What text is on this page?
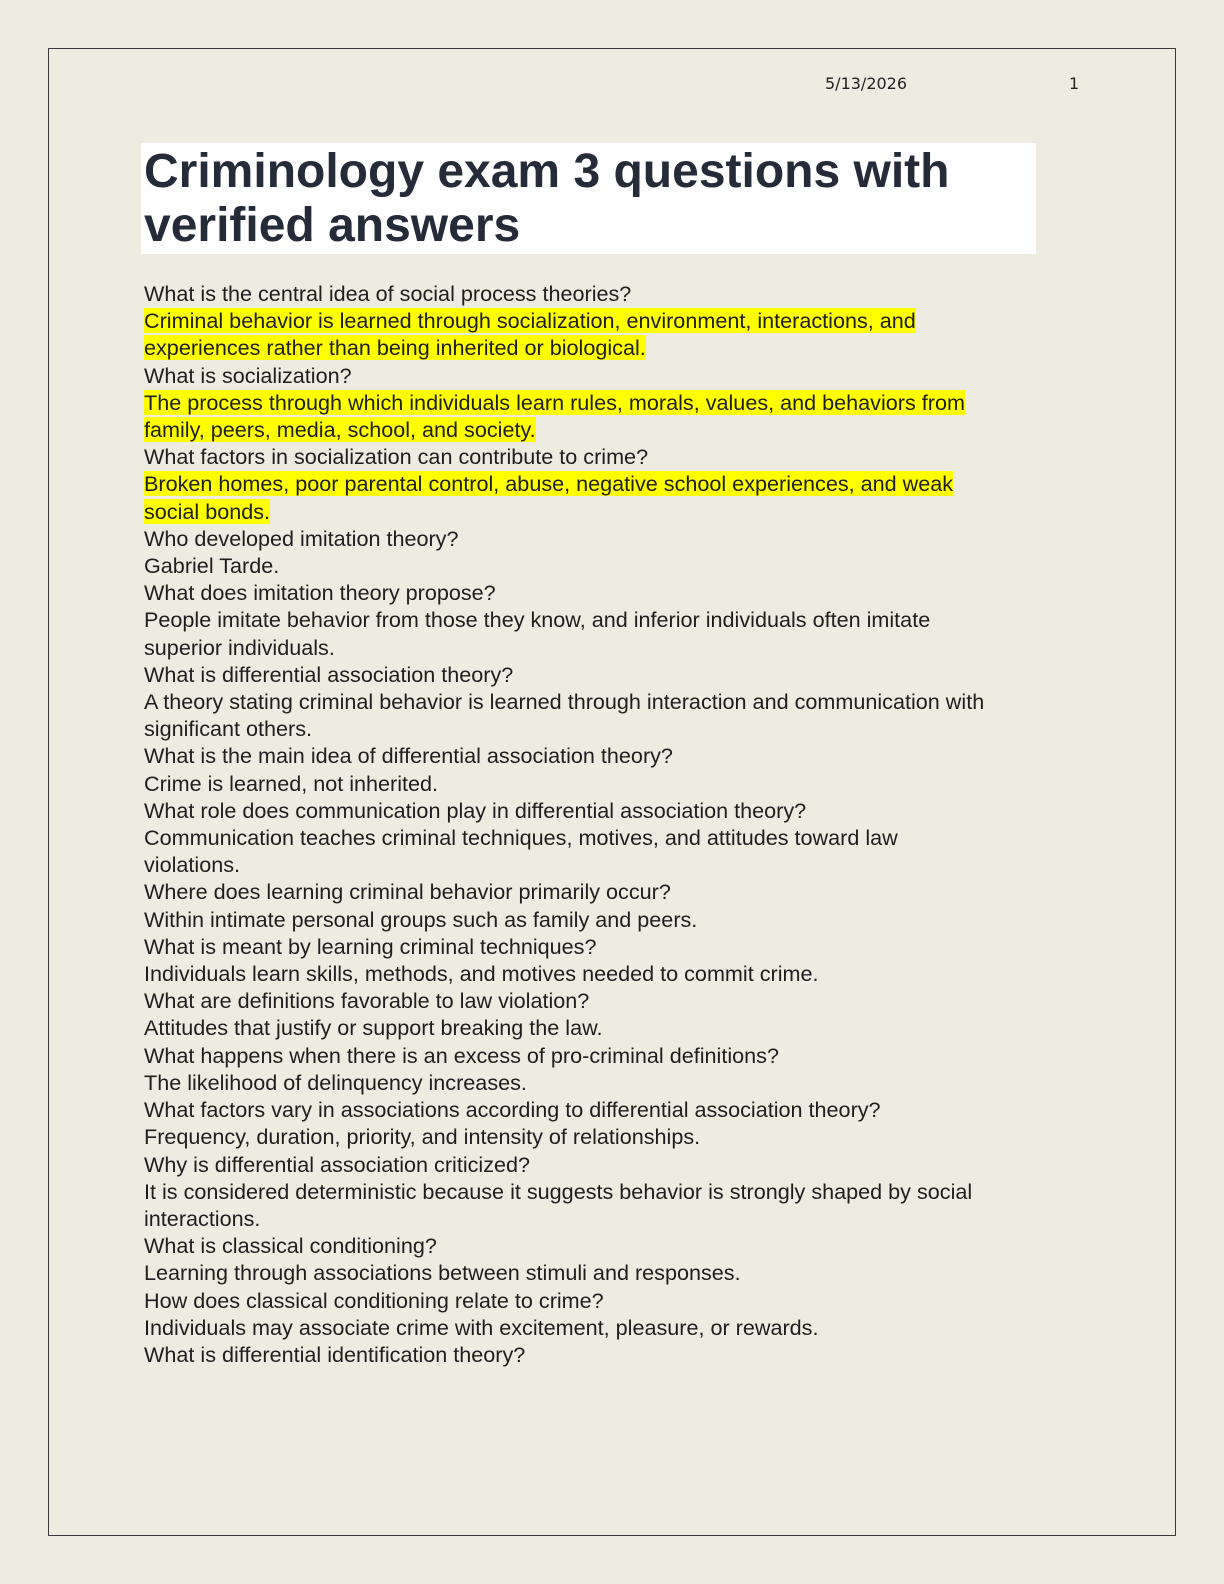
5/13/2026	1
Criminology exam 3 questions with
verified answers
What is the central idea of social process theories?
Criminal behavior is learned through socialization, environment, interactions, and
experiences rather than being inherited or biological.
What is socialization?
The process through which individuals learn rules, morals, values, and behaviors from
family, peers, media, school, and society.
What factors in socialization can contribute to crime?
Broken homes, poor parental control, abuse, negative school experiences, and weak
social bonds.
Who developed imitation theory?
Gabriel Tarde.
What does imitation theory propose?
People imitate behavior from those they know, and inferior individuals often imitate
superior individuals.
What is differential association theory?
A theory stating criminal behavior is learned through interaction and communication with
significant others.
What is the main idea of differential association theory?
Crime is learned, not inherited.
What role does communication play in differential association theory?
Communication teaches criminal techniques, motives, and attitudes toward law
violations.
Where does learning criminal behavior primarily occur?
Within intimate personal groups such as family and peers.
What is meant by learning criminal techniques?
Individuals learn skills, methods, and motives needed to commit crime.
What are definitions favorable to law violation?
Attitudes that justify or support breaking the law.
What happens when there is an excess of pro-criminal definitions?
The likelihood of delinquency increases.
What factors vary in associations according to differential association theory?
Frequency, duration, priority, and intensity of relationships.
Why is differential association criticized?
It is considered deterministic because it suggests behavior is strongly shaped by social
interactions.
What is classical conditioning?
Learning through associations between stimuli and responses.
How does classical conditioning relate to crime?
Individuals may associate crime with excitement, pleasure, or rewards.
What is differential identification theory?
